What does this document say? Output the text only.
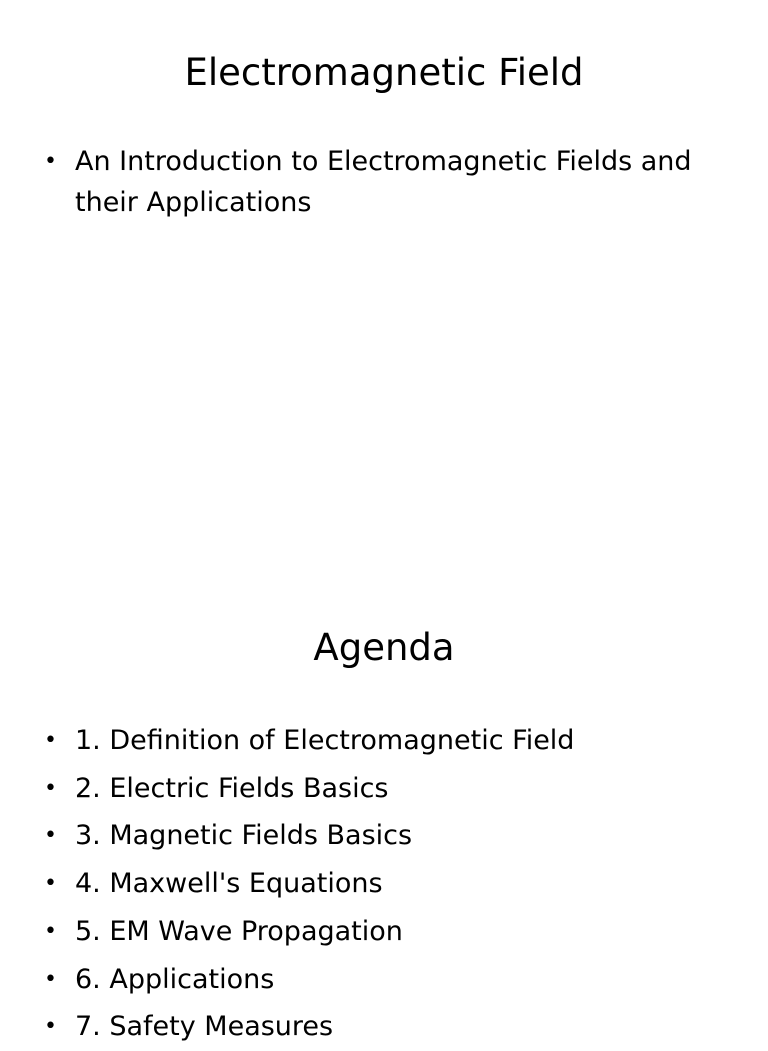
Electromagnetic Field
• An Introduction to Electromagnetic Fields and their Applications
Agenda
• 1. Definition of Electromagnetic Field
• 2. Electric Fields Basics
• 3. Magnetic Fields Basics
• 4. Maxwell's Equations
• 5. EM Wave Propagation
• 6. Applications
• 7. Safety Measures
